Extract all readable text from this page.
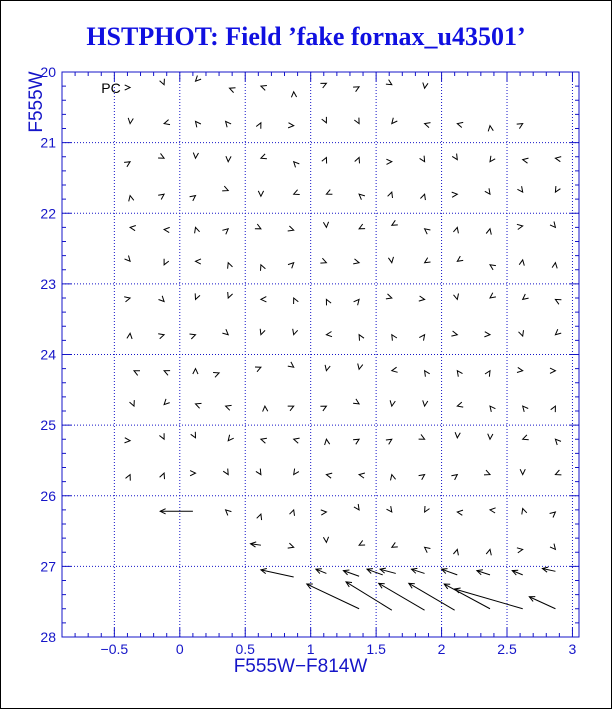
HSTPHOT: Field ’fake fornax_u43501’
−0.5	0	0.5	1	1.5	2	2.5	3
20
21
22
23
24
25
26
27
28
F555W−F814W
F555W	PC
